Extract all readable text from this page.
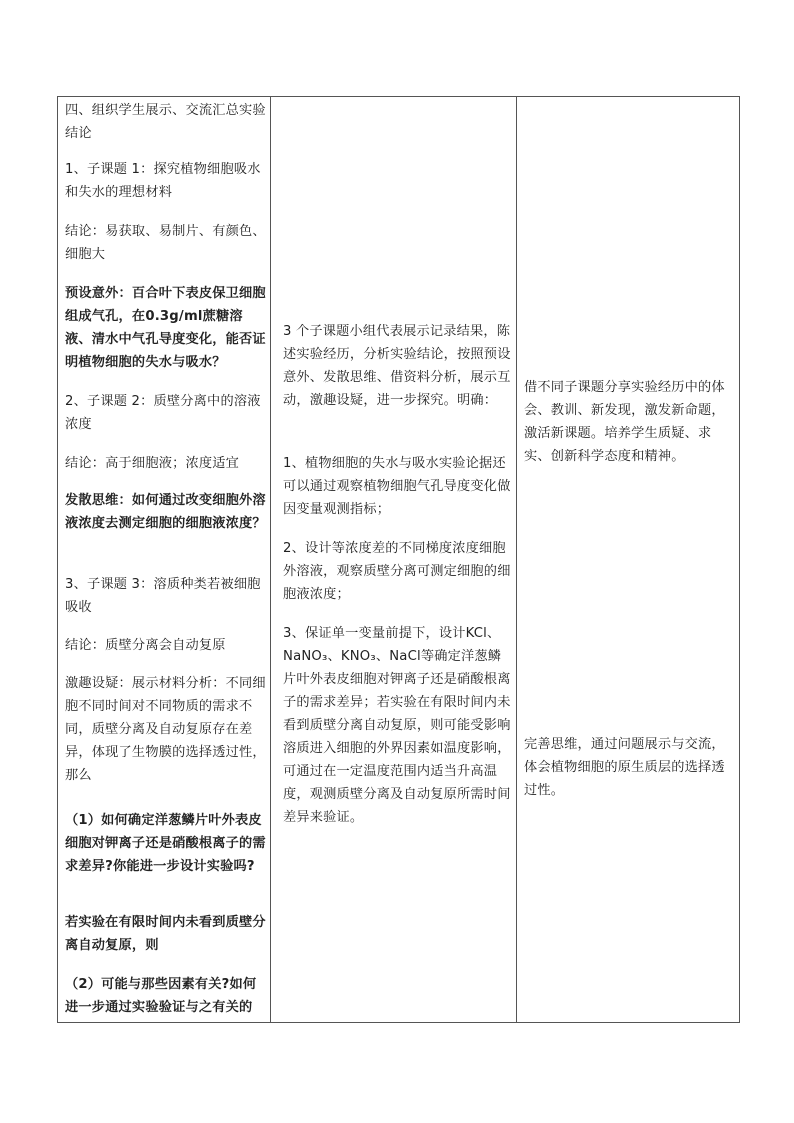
四、组织学生展示、交流汇总实验结论
1、子课题 1：探究植物细胞吸水和失水的理想材料
结论：易获取、易制片、有颜色、细胞大
预设意外：百合叶下表皮保卫细胞组成气孔，在0.3g/ml蔗糖溶液、清水中气孔导度变化，能否证明植物细胞的失水与吸水？
2、子课题 2：质壁分离中的溶液浓度
结论：高于细胞液；浓度适宜
发散思维：如何通过改变细胞外溶液浓度去测定细胞的细胞液浓度？
3、子课题 3：溶质种类若被细胞吸收
结论：质壁分离会自动复原
激趣设疑：展示材料分析：不同细胞不同时间对不同物质的需求不同，质壁分离及自动复原存在差异，体现了生物膜的选择透过性，那么
（1）如何确定洋葱鳞片叶外表皮细胞对钾离子还是硝酸根离子的需求差异?你能进一步设计实验吗?
若实验在有限时间内未看到质壁分离自动复原，则
（2）可能与那些因素有关?如何进一步通过实验验证与之有关的

3 个子课题小组代表展示记录结果，陈述实验经历，分析实验结论，按照预设意外、发散思维、借资料分析，展示互动，激趣设疑，进一步探究。明确：
1、植物细胞的失水与吸水实验论据还可以通过观察植物细胞气孔导度变化做因变量观测指标；
2、设计等浓度差的不同梯度浓度细胞外溶液，观察质壁分离可测定细胞的细胞液浓度；
3、保证单一变量前提下，设计KCl、NaNO₃、KNO₃、NaCl等确定洋葱鳞片叶外表皮细胞对钾离子还是硝酸根离子的需求差异；若实验在有限时间内未看到质壁分离自动复原，则可能受影响溶质进入细胞的外界因素如温度影响，可通过在一定温度范围内适当升高温度，观测质壁分离及自动复原所需时间差异来验证。

借不同子课题分享实验经历中的体会、教训、新发现，激发新命题，激活新课题。培养学生质疑、求实、创新科学态度和精神。
完善思维，通过问题展示与交流，体会植物细胞的原生质层的选择透过性。
